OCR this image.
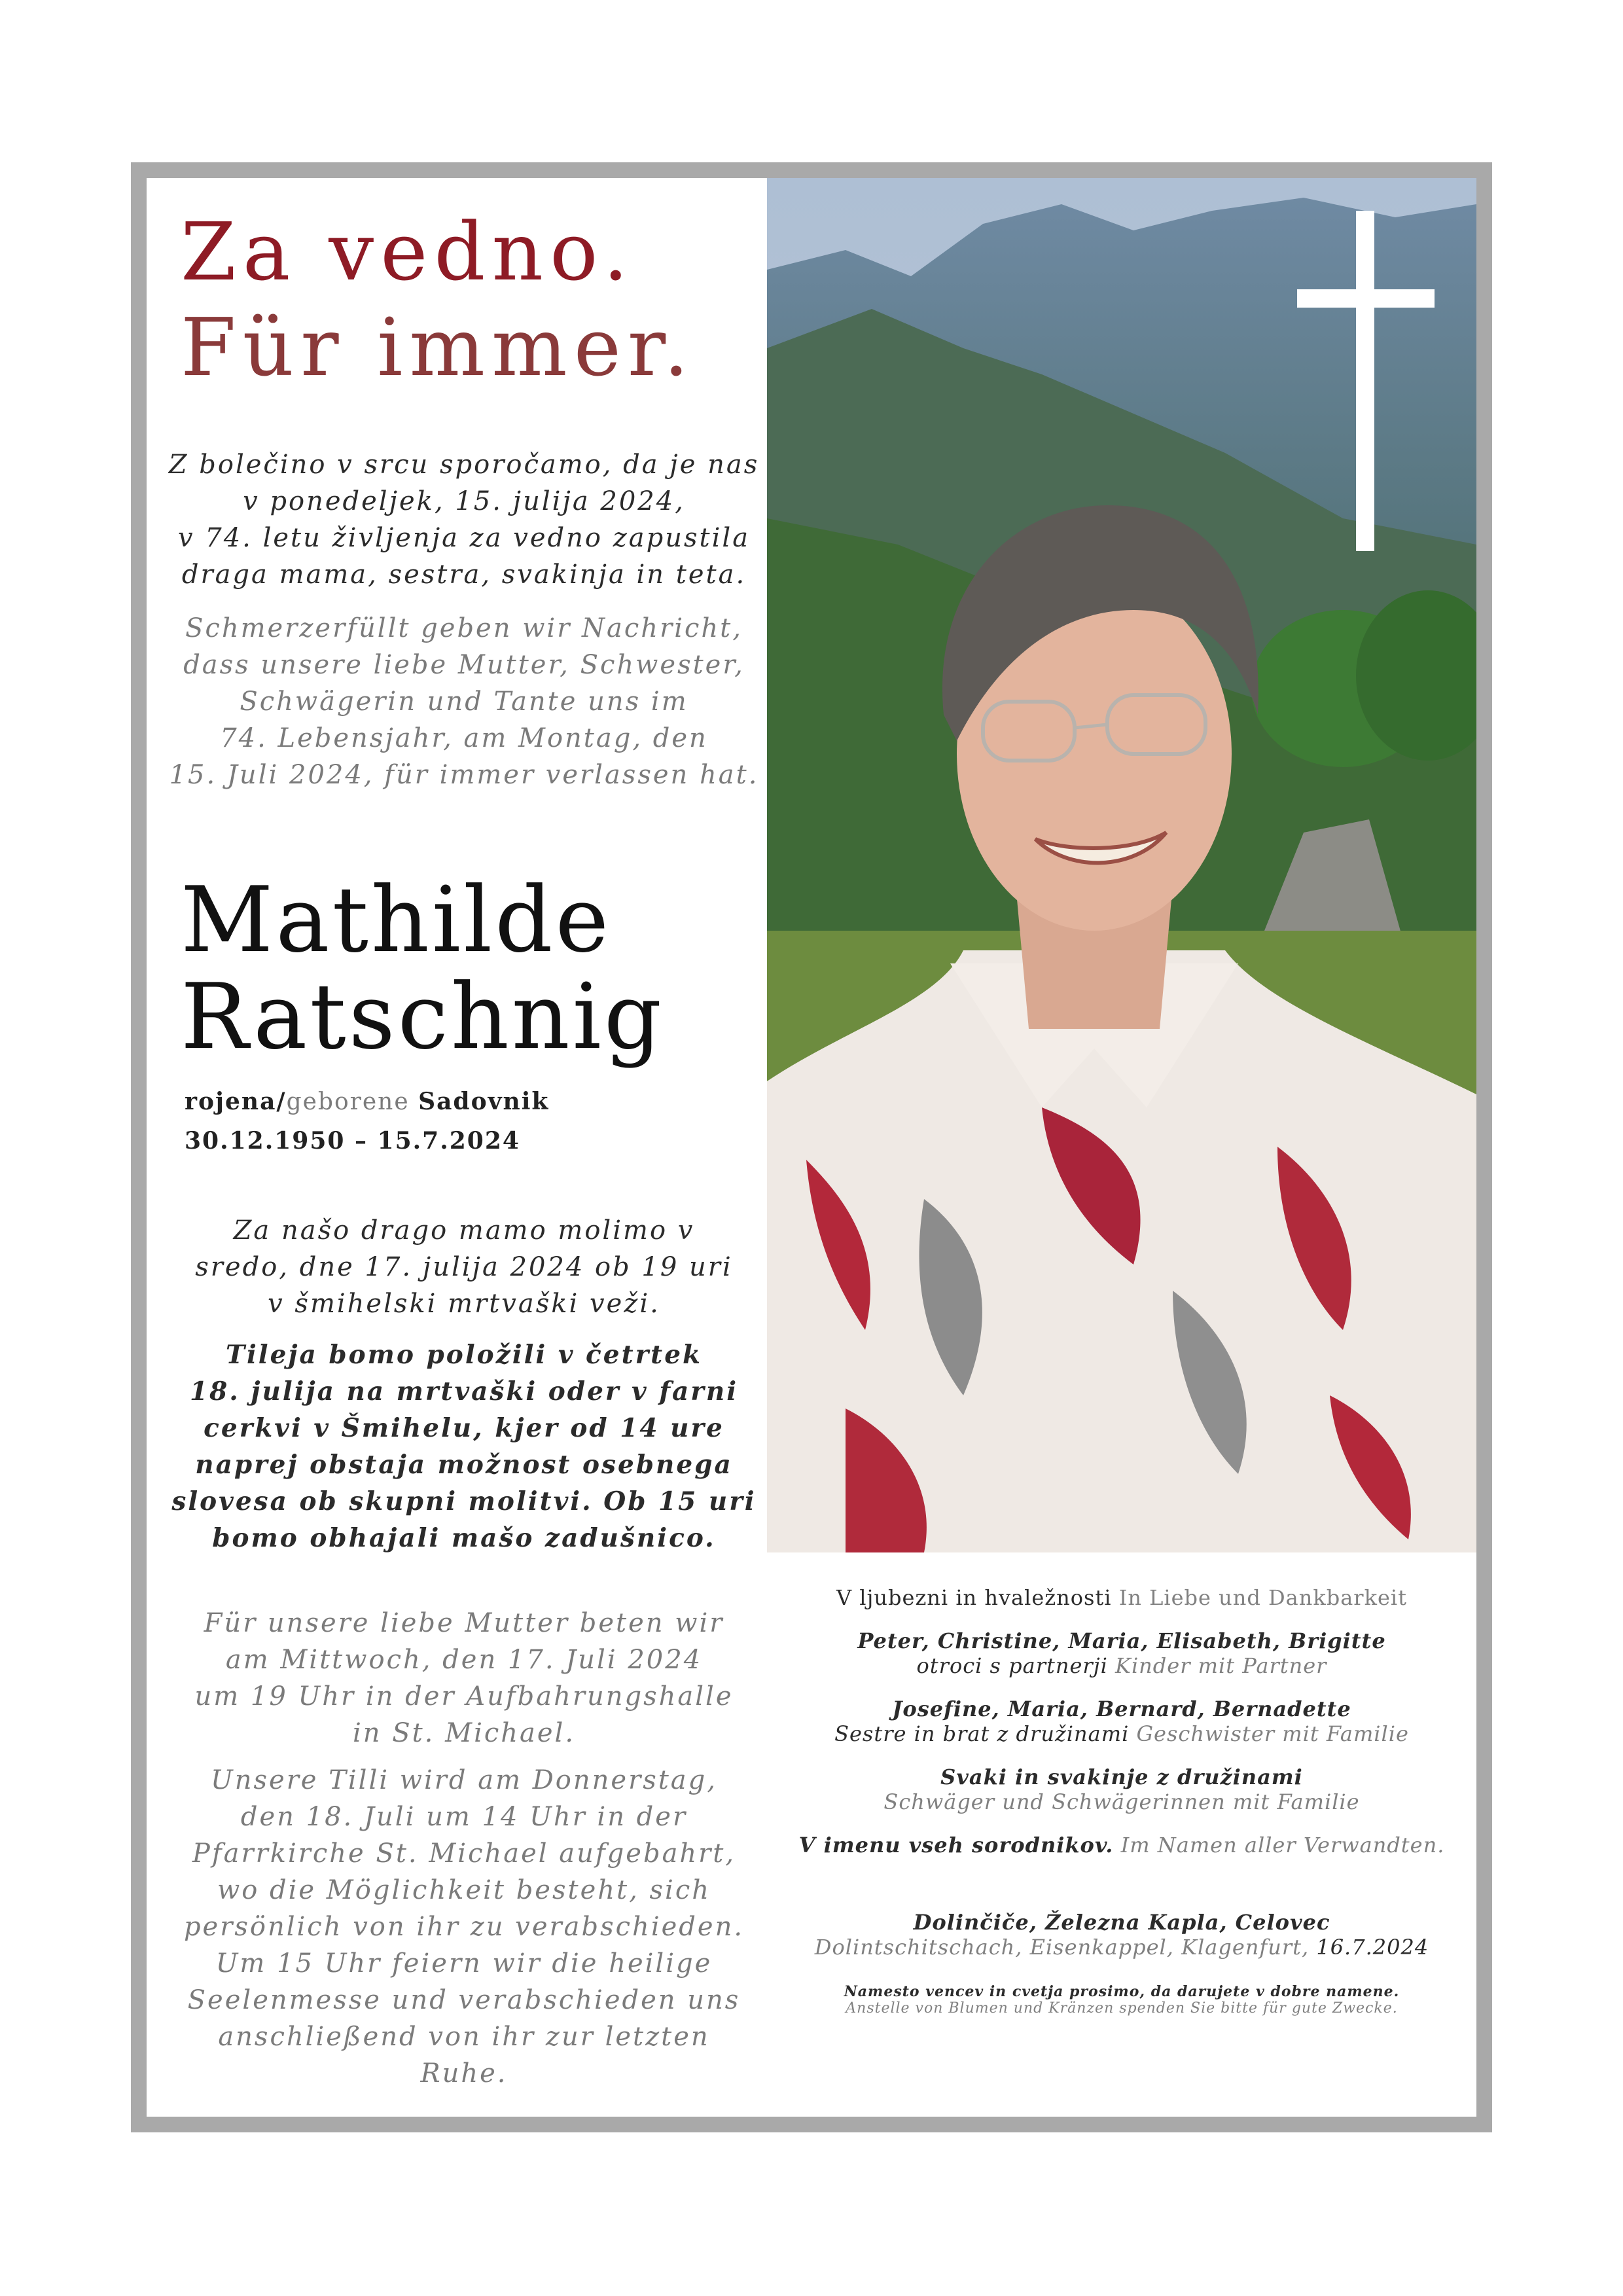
Za vedno.
Für immer.

Z bolečino v srcu sporočamo, da je nas
v ponedeljek, 15. julija 2024,
v 74. letu življenja za vedno zapustila
draga mama, sestra, svakinja in teta.

Schmerzerfüllt geben wir Nachricht,
dass unsere liebe Mutter, Schwester,
Schwägerin und Tante uns im
74. Lebensjahr, am Montag, den
15. Juli 2024, für immer verlassen hat.

Mathilde
Ratschnig
rojena/geborene Sadovnik
30.12.1950 – 15.7.2024

Za našo drago mamo molimo v
sredo, dne 17. julija 2024 ob 19 uri
v šmihelski mrtvaški veži.

Tileja bomo položili v četrtek
18. julija na mrtvaški oder v farni
cerkvi v Šmihelu, kjer od 14 ure
naprej obstaja možnost osebnega
slovesa ob skupni molitvi. Ob 15 uri
bomo obhajali mašo zadušnico.

Für unsere liebe Mutter beten wir
am Mittwoch, den 17. Juli 2024
um 19 Uhr in der Aufbahrungshalle
in St. Michael.

Unsere Tilli wird am Donnerstag,
den 18. Juli um 14 Uhr in der
Pfarrkirche St. Michael aufgebahrt,
wo die Möglichkeit besteht, sich
persönlich von ihr zu verabschieden.
Um 15 Uhr feiern wir die heilige
Seelenmesse und verabschieden uns
anschließend von ihr zur letzten
Ruhe.

V ljubezni in hvaležnosti In Liebe und Dankbarkeit
Peter, Christine, Maria, Elisabeth, Brigitte
otroci s partnerji Kinder mit Partner
Josefine, Maria, Bernard, Bernadette
Sestre in brat z družinami Geschwister mit Familie
Svaki in svakinje z družinami
Schwäger und Schwägerinnen mit Familie
V imenu vseh sorodnikov. Im Namen aller Verwandten.
Dolinčiče, Železna Kapla, Celovec
Dolintschitschach, Eisenkappel, Klagenfurt, 16.7.2024
Namesto vencev in cvetja prosimo, da darujete v dobre namene.
Anstelle von Blumen und Kränzen spenden Sie bitte für gute Zwecke.
